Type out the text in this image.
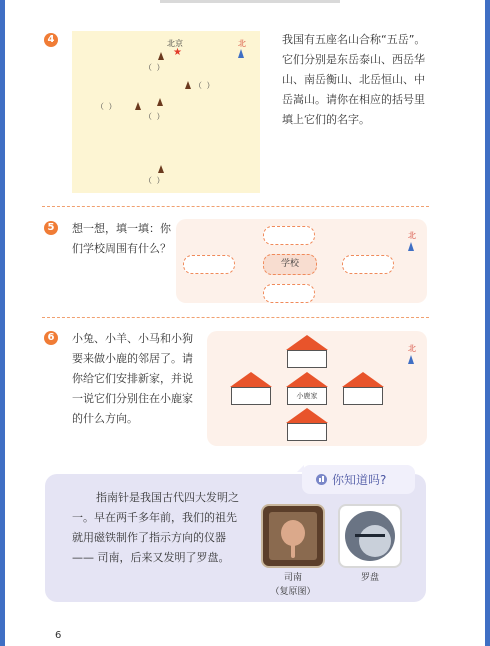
4	北京
★
北
（ ）
（ ）
（ ）
（ ）
（ ）
我国有五座名山合称“五岳”。它们分别是东岳泰山、西岳华山、南岳衡山、北岳恒山、中岳嵩山。请你在相应的括号里填上它们的名字。
5	想一想，填一填：你们学校周围有什么？
学校
北
6	小兔、小羊、小马和小狗要来做小鹿的邻居了。请你给它们安排新家，并说一说它们分别住在小鹿家的什么方向。
小鹿家
北
你知道吗?
指南针是我国古代四大发明之一。早在两千多年前，我们的祖先就用磁铁制作了指示方向的仪器 —— 司南，后来又发明了罗盘。
司南
（复原图）
罗盘
6
